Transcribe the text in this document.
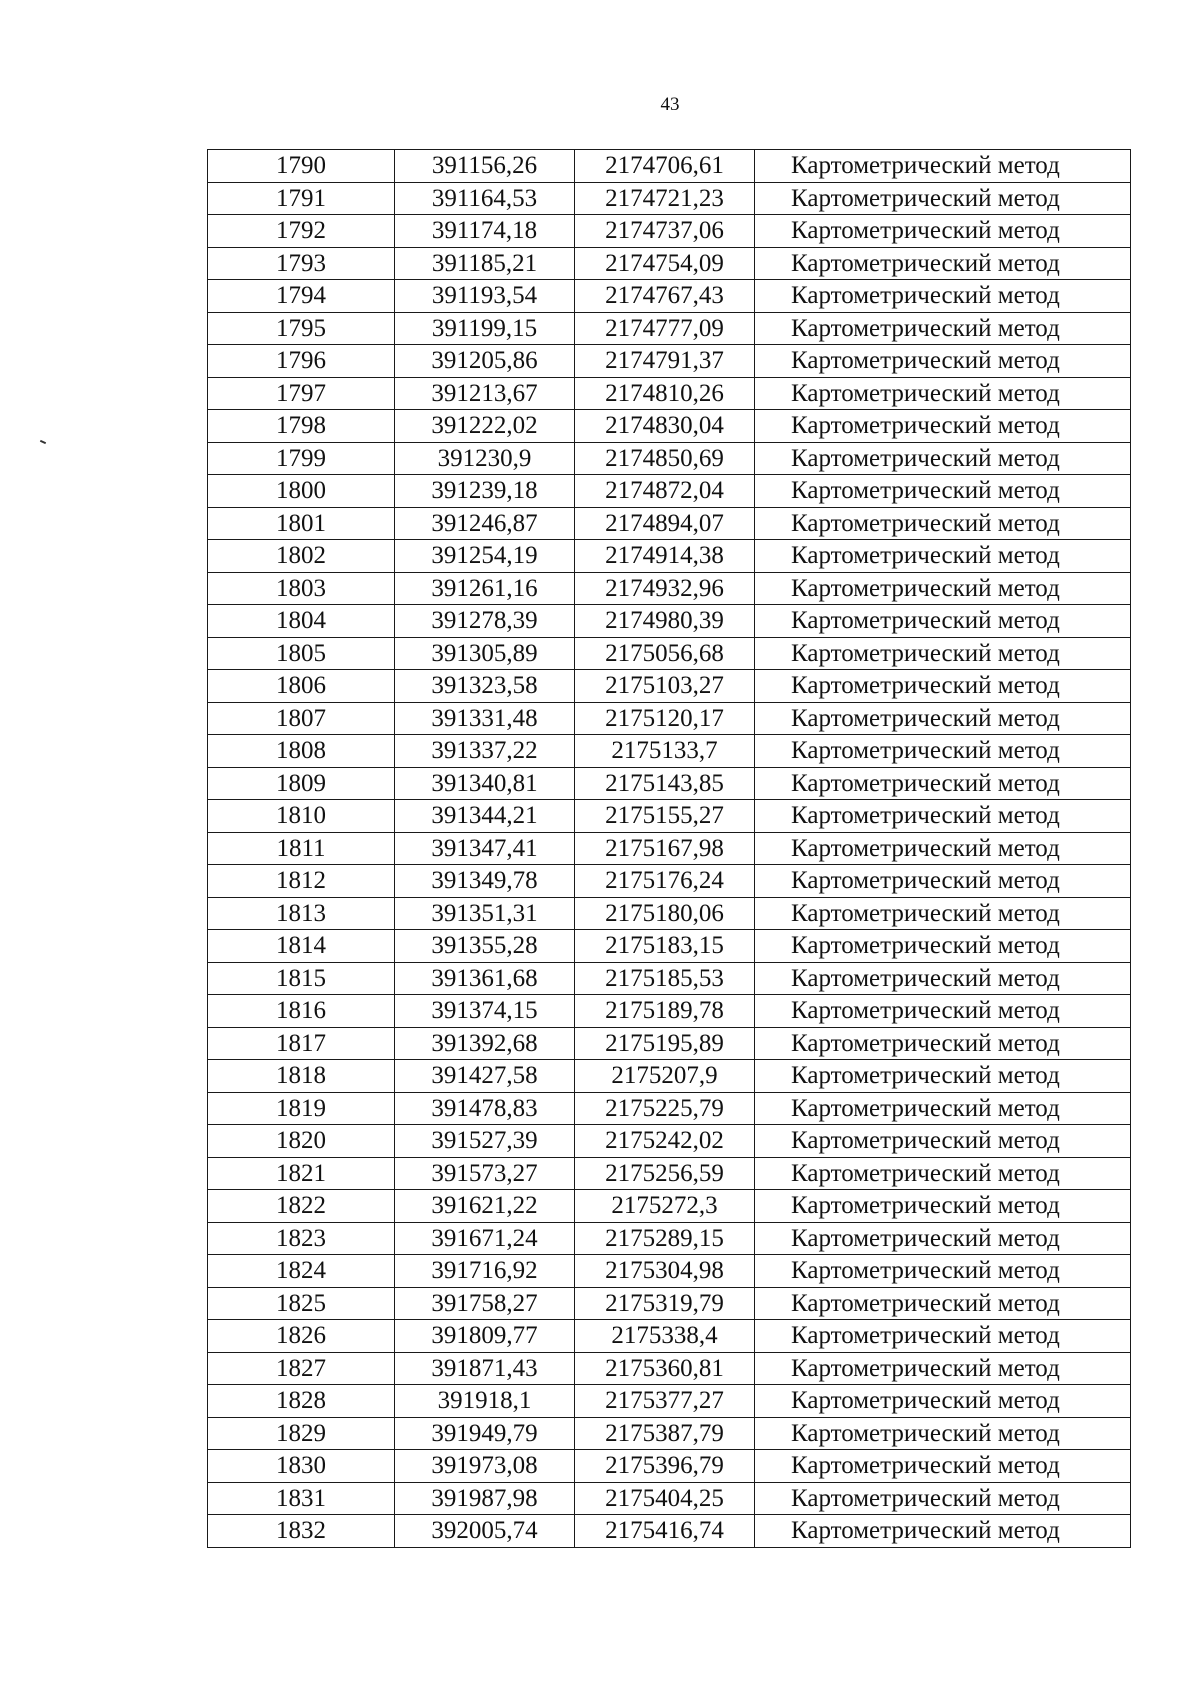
43
1790	391156,26	2174706,61	Картометрический метод
1791	391164,53	2174721,23	Картометрический метод
1792	391174,18	2174737,06	Картометрический метод
1793	391185,21	2174754,09	Картометрический метод
1794	391193,54	2174767,43	Картометрический метод
1795	391199,15	2174777,09	Картометрический метод
1796	391205,86	2174791,37	Картометрический метод
1797	391213,67	2174810,26	Картометрический метод
1798	391222,02	2174830,04	Картометрический метод
1799	391230,9	2174850,69	Картометрический метод
1800	391239,18	2174872,04	Картометрический метод
1801	391246,87	2174894,07	Картометрический метод
1802	391254,19	2174914,38	Картометрический метод
1803	391261,16	2174932,96	Картометрический метод
1804	391278,39	2174980,39	Картометрический метод
1805	391305,89	2175056,68	Картометрический метод
1806	391323,58	2175103,27	Картометрический метод
1807	391331,48	2175120,17	Картометрический метод
1808	391337,22	2175133,7	Картометрический метод
1809	391340,81	2175143,85	Картометрический метод
1810	391344,21	2175155,27	Картометрический метод
1811	391347,41	2175167,98	Картометрический метод
1812	391349,78	2175176,24	Картометрический метод
1813	391351,31	2175180,06	Картометрический метод
1814	391355,28	2175183,15	Картометрический метод
1815	391361,68	2175185,53	Картометрический метод
1816	391374,15	2175189,78	Картометрический метод
1817	391392,68	2175195,89	Картометрический метод
1818	391427,58	2175207,9	Картометрический метод
1819	391478,83	2175225,79	Картометрический метод
1820	391527,39	2175242,02	Картометрический метод
1821	391573,27	2175256,59	Картометрический метод
1822	391621,22	2175272,3	Картометрический метод
1823	391671,24	2175289,15	Картометрический метод
1824	391716,92	2175304,98	Картометрический метод
1825	391758,27	2175319,79	Картометрический метод
1826	391809,77	2175338,4	Картометрический метод
1827	391871,43	2175360,81	Картометрический метод
1828	391918,1	2175377,27	Картометрический метод
1829	391949,79	2175387,79	Картометрический метод
1830	391973,08	2175396,79	Картометрический метод
1831	391987,98	2175404,25	Картометрический метод
1832	392005,74	2175416,74	Картометрический метод
